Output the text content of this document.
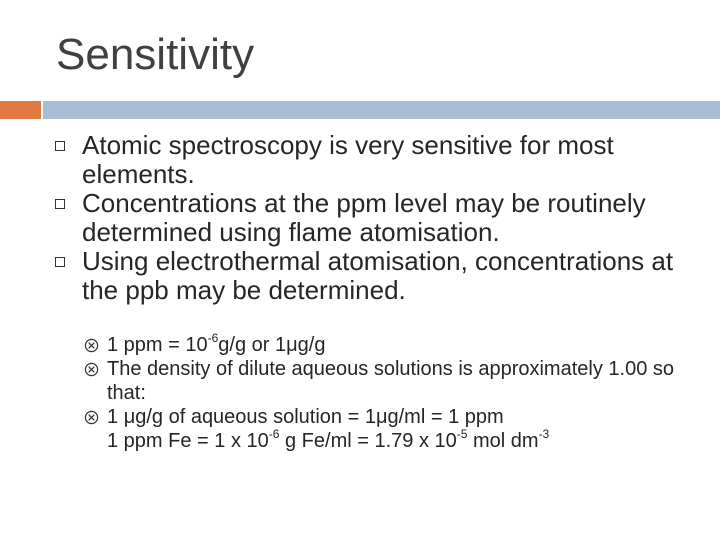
Sensitivity
Atomic spectroscopy is very sensitive for most elements.
Concentrations at the ppm level may be routinely determined using flame atomisation.
Using electrothermal atomisation, concentrations at the ppb may be determined.
1 ppm = $10^{-6}g/g$ or 1μg/g
The density of dilute aqueous solutions is approximately 1.00 so that:
1 μg/g of aqueous solution = 1μg/ml = 1 ppm
1 ppm Fe = 1 x $10^{-6}$ g Fe/ml = 1.79 x $10^{-5}$ mol $dm^{-3}$
